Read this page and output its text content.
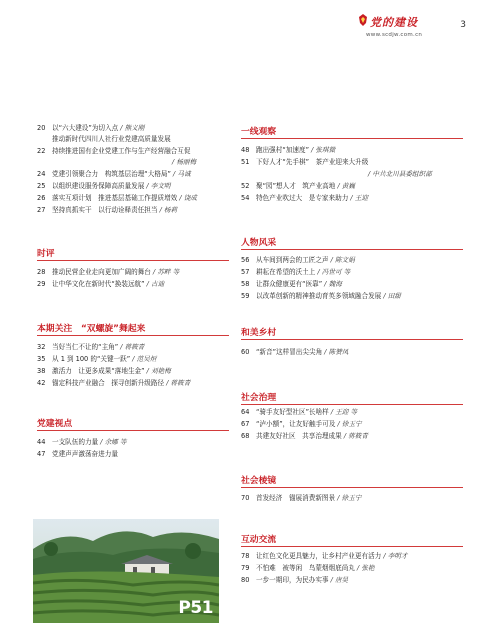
党的建设
www.scdjw.com.cn
3
20 以“六大建设”为切入点 / 熊义刚
推动新时代四川人社行业党建高质量发展
22 持续推进国有企业党建工作与生产经营融合互促
/ 杨丽梅
24 党建引领聚合力　构筑基层治理“大格局” / 马诚
25 以组织建设服务保障高质量发展 / 李文明
26 落实互项计划　推进基层基础工作提质增效 / 饶成
27 坚持真抓实干　以行动诠释责任担当 / 杨莉
时评
28 推动民营企业走向更加广阔的舞台 / 苏畔 等
29 让中华文化在新时代“换装远航” / 古迪
本期关注　“双螺旋”舞起来
32 当好当仁不让的“主角” / 蒋筱青
35 从 1 到 100 的“关键一跃” / 范吴烜
38 激活力　让更多成果“落地生金” / 刘艳梅
42 锚定科技产业融合　探寻创新升级路径 / 蒋筱青
党建视点
44 一支队伍的力量 / 余娜 等
47 党建声声激荡奋进力量
P51
一线观察
48 跑出强村“加速度” / 张琪微
51 下好人才“先手棋”　茶产业迎来大升级
/ 中共北川县委组织部
52 聚“园”想人才　筑产业高地 / 黄巍
54 特色产业吹过大　是专家来助力 / 王迎
人物风采
56 从车间到两会的工匠之声 / 陈文娟
57 耕耘在希望的沃土上 / 冯世可 等
58 让群众健康更有“医靠” / 魏海
59 以改革创新的精神推动育英多领域融合发展 / 田甜
和美乡村
60 “新音”这样冒出尖尖角 / 陈赞凤
社会治理
64 “骑手友好型社区”长啥样 / 王迎 等
67 “泸小额”，让友好触手可及 / 徐玉宁
68 共建友好社区　共享治理成果 / 蒋筱青
社会棱镜
70 首发经济　锚展消费新图景 / 徐玉宁
互动交流
78 让红色文化更具魅力，让乡村产业更有活力 / 李明才
79 不怕难　被等闲　鸟蒙烟烟底尚丸 / 张艳
80 一步一期印，为民办实事 / 唐昊
